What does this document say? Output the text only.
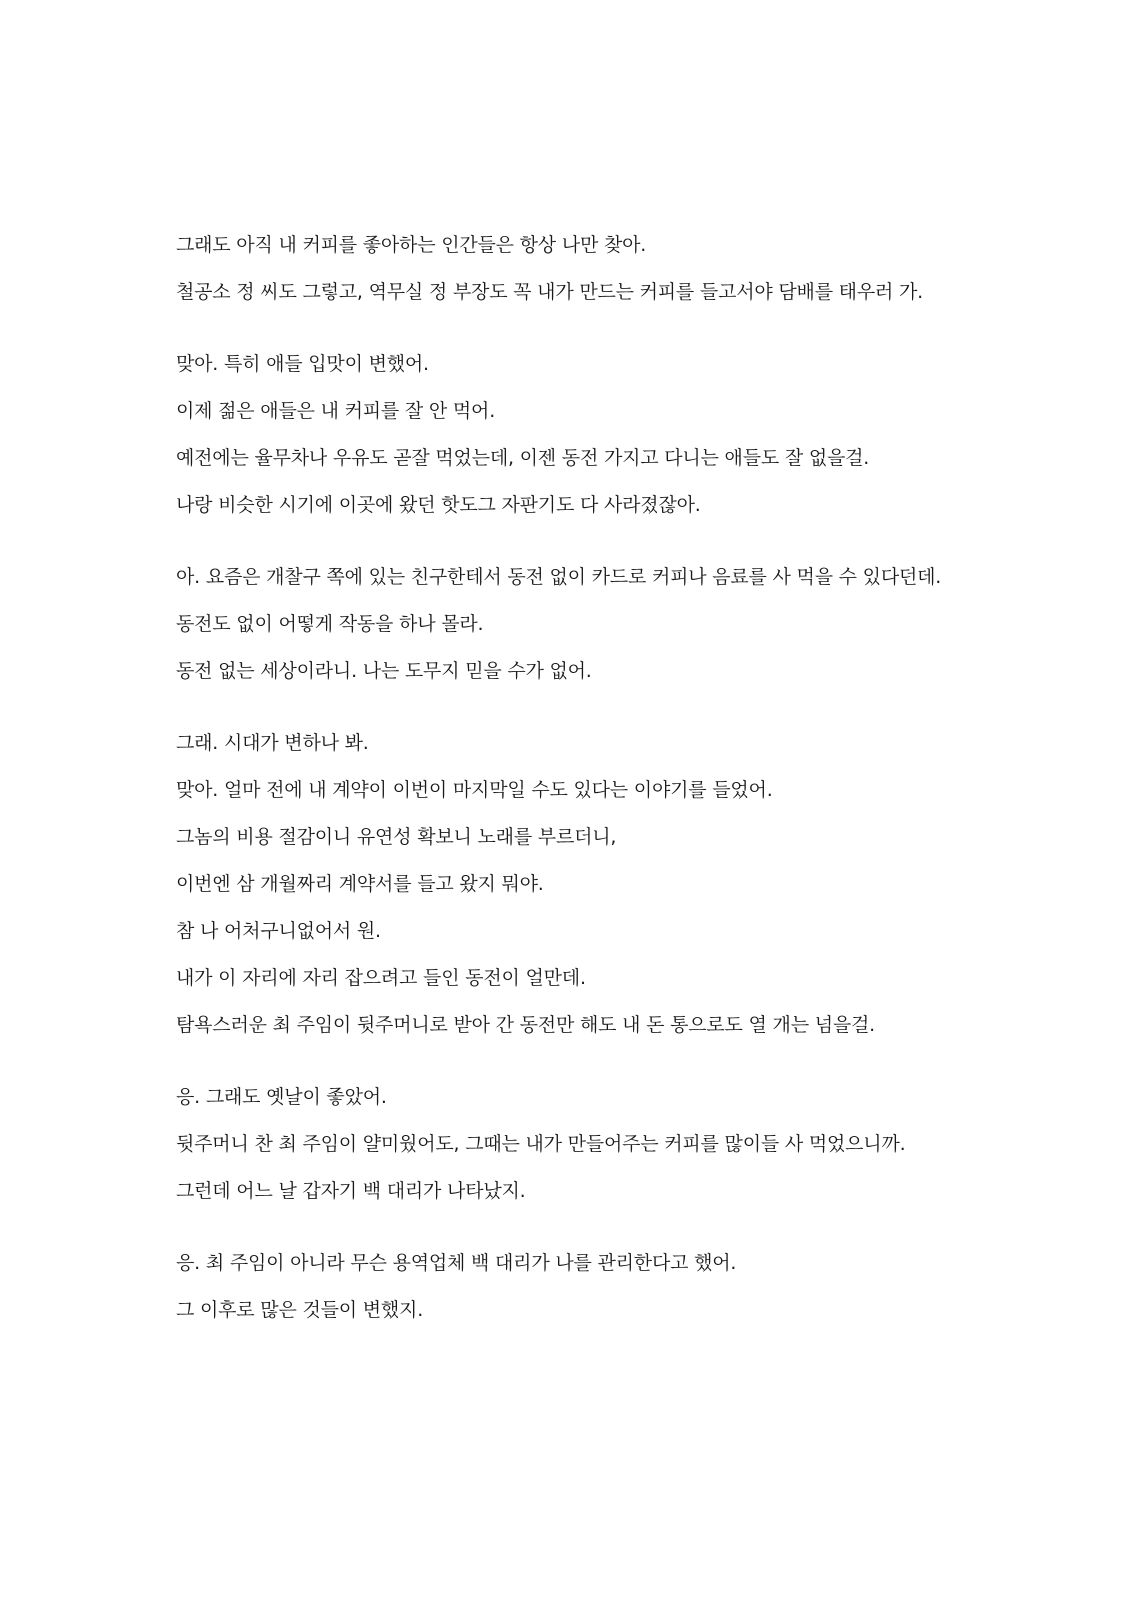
그래도 아직 내 커피를 좋아하는 인간들은 항상 나만 찾아.
철공소 정 씨도 그렇고, 역무실 정 부장도 꼭 내가 만드는 커피를 들고서야 담배를 태우러 가.
맞아. 특히 애들 입맛이 변했어.
이제 젊은 애들은 내 커피를 잘 안 먹어.
예전에는 율무차나 우유도 곧잘 먹었는데, 이젠 동전 가지고 다니는 애들도 잘 없을걸.
나랑 비슷한 시기에 이곳에 왔던 핫도그 자판기도 다 사라졌잖아.
아. 요즘은 개찰구 쪽에 있는 친구한테서 동전 없이 카드로 커피나 음료를 사 먹을 수 있다던데.
동전도 없이 어떻게 작동을 하나 몰라.
동전 없는 세상이라니. 나는 도무지 믿을 수가 없어.
그래. 시대가 변하나 봐.
맞아. 얼마 전에 내 계약이 이번이 마지막일 수도 있다는 이야기를 들었어.
그놈의 비용 절감이니 유연성 확보니 노래를 부르더니,
이번엔 삼 개월짜리 계약서를 들고 왔지 뭐야.
참 나 어처구니없어서 원.
내가 이 자리에 자리 잡으려고 들인 동전이 얼만데.
탐욕스러운 최 주임이 뒷주머니로 받아 간 동전만 해도 내 돈 통으로도 열 개는 넘을걸.
응. 그래도 옛날이 좋았어.
뒷주머니 찬 최 주임이 얄미웠어도, 그때는 내가 만들어주는 커피를 많이들 사 먹었으니까.
그런데 어느 날 갑자기 백 대리가 나타났지.
응. 최 주임이 아니라 무슨 용역업체 백 대리가 나를 관리한다고 했어.
그 이후로 많은 것들이 변했지.
